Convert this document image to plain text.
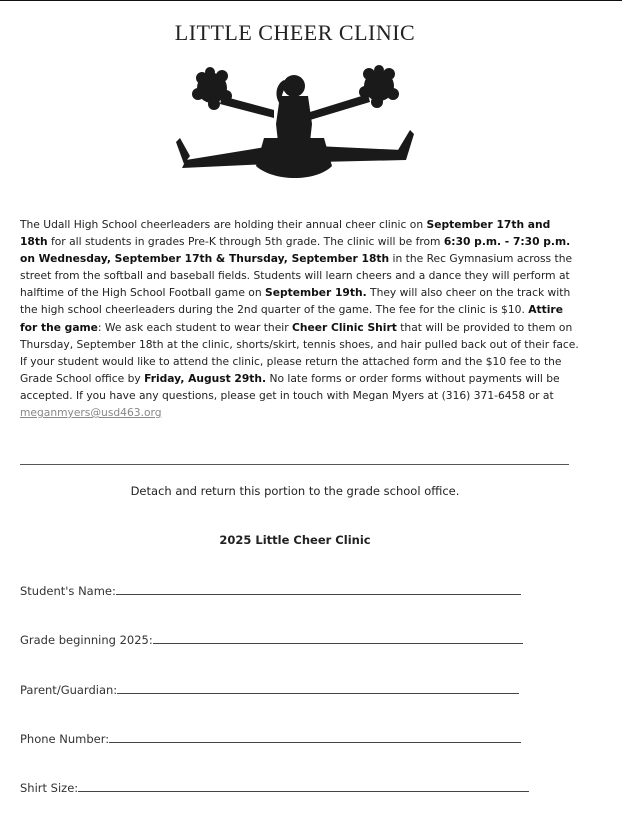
LITTLE CHEER CLINIC

The Udall High School cheerleaders are holding their annual cheer clinic on September 17th and 18th for all students in grades Pre-K through 5th grade. The clinic will be from 6:30 p.m. - 7:30 p.m. on Wednesday, September 17th & Thursday, September 18th in the Rec Gymnasium across the street from the softball and baseball fields. Students will learn cheers and a dance they will perform at halftime of the High School Football game on September 19th. They will also cheer on the track with the high school cheerleaders during the 2nd quarter of the game. The fee for the clinic is $10. Attire for the game: We ask each student to wear their Cheer Clinic Shirt that will be provided to them on Thursday, September 18th at the clinic, shorts/skirt, tennis shoes, and hair pulled back out of their face.

If your student would like to attend the clinic, please return the attached form and the $10 fee to the Grade School office by Friday, August 29th. No late forms or order forms without payments will be accepted. If you have any questions, please get in touch with Megan Myers at (316) 371-6458 or at meganmyers@usd463.org

Detach and return this portion to the grade school office.
2025 Little Cheer Clinic
Student's Name:
Grade beginning 2025:
Parent/Guardian:
Phone Number:
Shirt Size:
